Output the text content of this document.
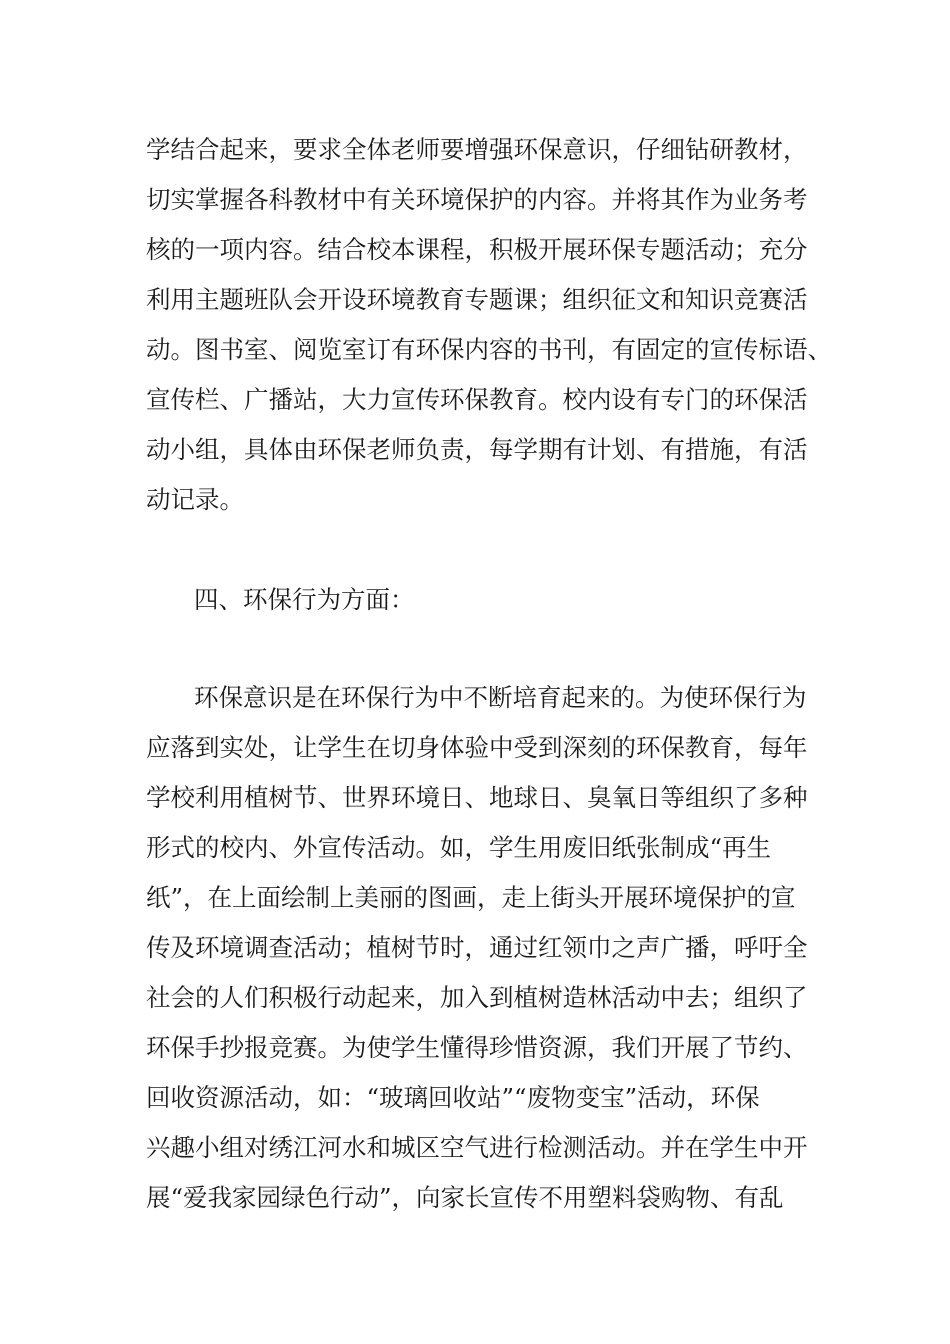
学结合起来，要求全体老师要增强环保意识，仔细钻研教材，
切实掌握各科教材中有关环境保护的内容。并将其作为业务考
核的一项内容。结合校本课程，积极开展环保专题活动；充分
利用主题班队会开设环境教育专题课；组织征文和知识竞赛活
动。图书室、阅览室订有环保内容的书刊，有固定的宣传标语、
宣传栏、广播站，大力宣传环保教育。校内设有专门的环保活
动小组，具体由环保老师负责，每学期有计划、有措施，有活
动记录。
四、环保行为方面：
环保意识是在环保行为中不断培育起来的。为使环保行为
应落到实处，让学生在切身体验中受到深刻的环保教育，每年
学校利用植树节、世界环境日、地球日、臭氧日等组织了多种
形式的校内、外宣传活动。如，学生用废旧纸张制成“再生
纸”，在上面绘制上美丽的图画，走上街头开展环境保护的宣
传及环境调查活动；植树节时，通过红领巾之声广播，呼吁全
社会的人们积极行动起来，加入到植树造林活动中去；组织了
环保手抄报竞赛。为使学生懂得珍惜资源，我们开展了节约、
回收资源活动，如：“玻璃回收站”“废物变宝”活动，环保
兴趣小组对绣江河水和城区空气进行检测活动。并在学生中开
展“爱我家园绿色行动”，向家长宣传不用塑料袋购物、有乱
